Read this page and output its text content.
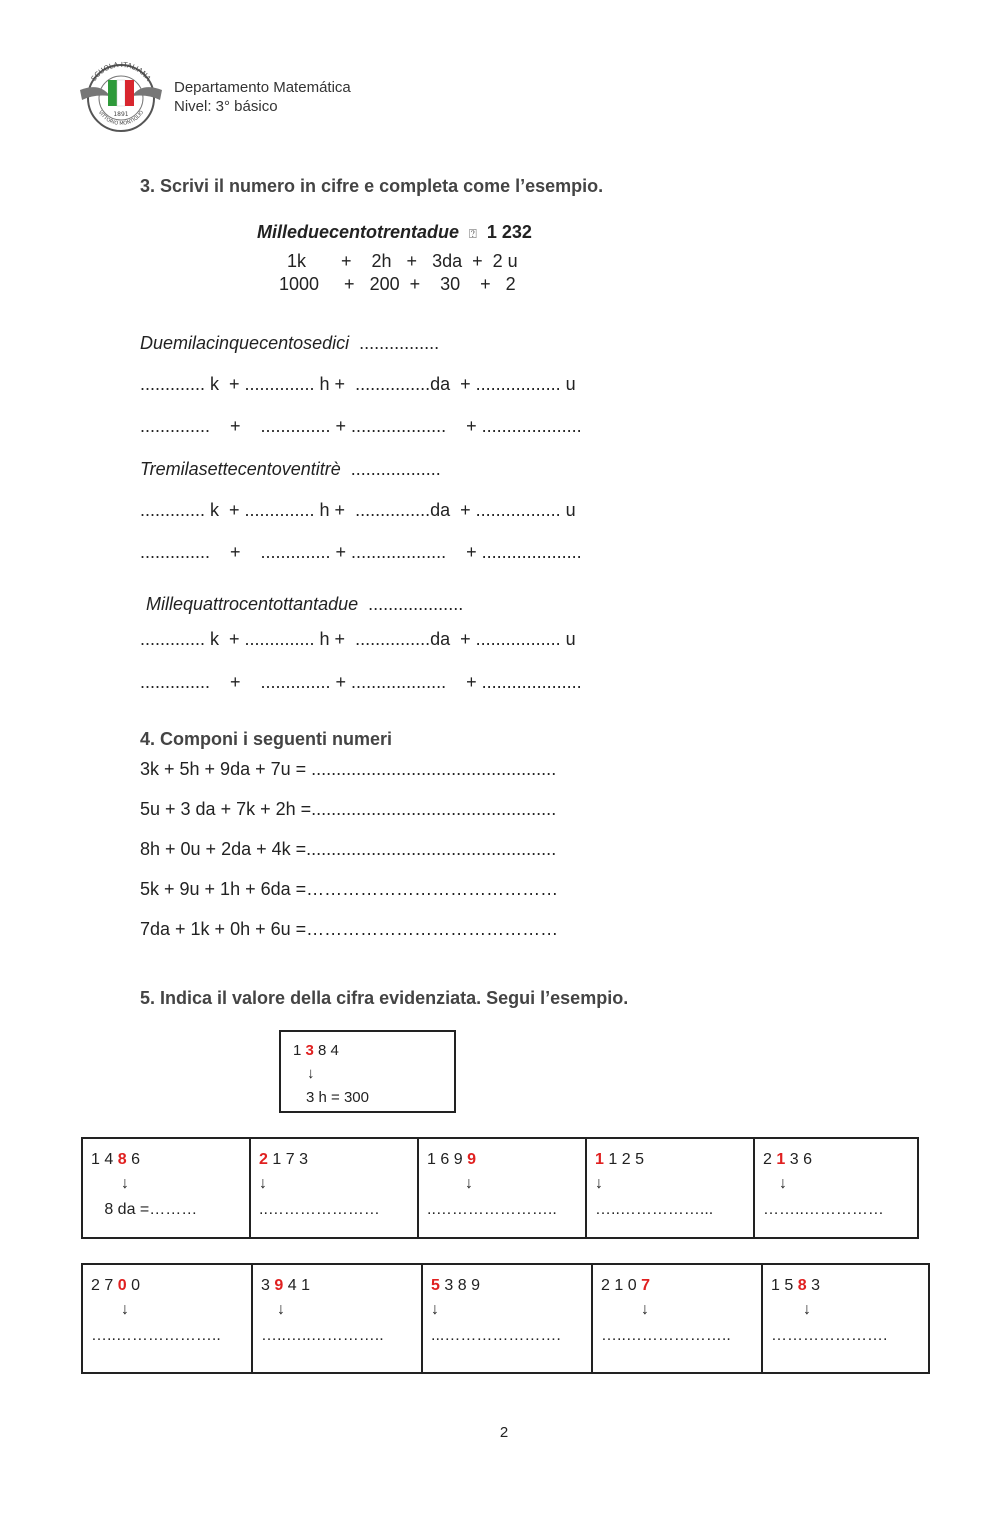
SCUOLA ITALIANA
VITTORIO MONTIGLIO
1891
Departamento Matemática
Nivel: 3° básico
3. Scrivi il numero in cifre e completa come l’esempio.
Milleduecentotrentadue ⍰ 1 232
1k       +    2h   +   3da  +  2 u
1000     +   200  +    30    +   2
Duemilacinquecentosedici ................
............. k  + .............. h +  ...............da  + ................. u
..............    +    .............. + ...................    + ....................
Tremilasettecentoventitrè ..................
............. k  + .............. h +  ...............da  + ................. u
..............    +    .............. + ...................    + ....................
Millequattrocentottantadue ...................
............. k  + .............. h +  ...............da  + ................. u
..............    +    .............. + ...................    + ....................
4. Componi i seguenti numeri
3k + 5h + 9da + 7u = .................................................
5u + 3 da + 7k + 2h =.................................................
8h + 0u + 2da + 4k =..................................................
5k + 9u + 1h + 6da =……………………………………
7da + 1k + 0h + 6u =……………………………………
5. Indica il valore della cifra evidenziata. Segui l’esempio.
1 3 8 4
↓
3 h = 300
1 4 8 6
↓
8 da =………

2 1 7 3
↓
..…………………

1 6 9 9
↓
..…………………..

1 1 2 5
↓
…..……………...

2 1 3 6
↓
……..……………
2 7 0 0
↓
…..………………..

3 9 4 1
↓
…..…..…………..

5 3 8 9
↓
...………………….

2 1 0 7
↓
…..………………..

1 5 8 3
↓
………………….
2
